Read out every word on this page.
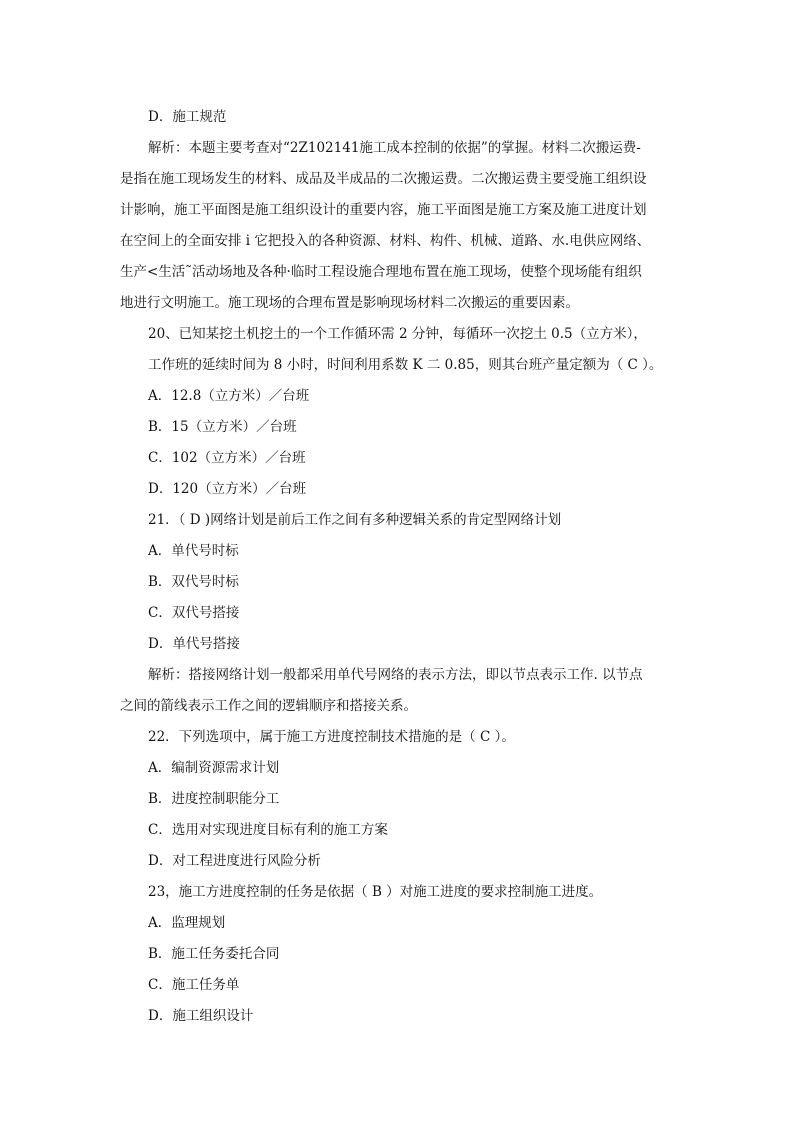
D．施工规范
解析：本题主要考查对“2Z102141施工成本控制的依据”的掌握。材料二次搬运费-
是指在施工现场发生的材料、成品及半成品的二次搬运费。二次搬运费主要受施工组织设
计影响，施工平面图是施工组织设计的重要内容，施工平面图是施工方案及施工进度计划
在空间上的全面安排 i 它把投入的各种资源、材料、构件、机械、道路、水.电供应网络、
生产<生活˜活动场地及各种·临时工程设施合理地布置在施工现场，使整个现场能有组织
地进行文明施工。施工现场的合理布置是影响现场材料二次搬运的重要因素。
20、已知某挖土机挖土的一个工作循环需 2 分钟，每循环一次挖土 0.5（立方米），
工作班的延续时间为 8 小时，时间利用系数 K 二 0.85，则其台班产量定额为（ C ）。
A．12.8（立方米）／台班
B．15（立方米）／台班
C．102（立方米）／台班
D．120（立方米）／台班
21．（ D )网络计划是前后工作之间有多种逻辑关系的肯定型网络计划
A．单代号时标
B．双代号时标
C．双代号搭接
D．单代号搭接
解析：搭接网络计划一般都采用单代号网络的表示方法，即以节点表示工作. 以节点
之间的箭线表示工作之间的逻辑顺序和搭接关系。
22．下列选项中，属于施工方进度控制技术措施的是（ C ）。
A．编制资源需求计划
B．进度控制职能分工
C．选用对实现进度目标有利的施工方案
D．对工程进度进行风险分析
23，施工方进度控制的任务是依据（ B ）对施工进度的要求控制施工进度。
A．监理规划
B．施工任务委托合同
C．施工任务单
D．施工组织设计
